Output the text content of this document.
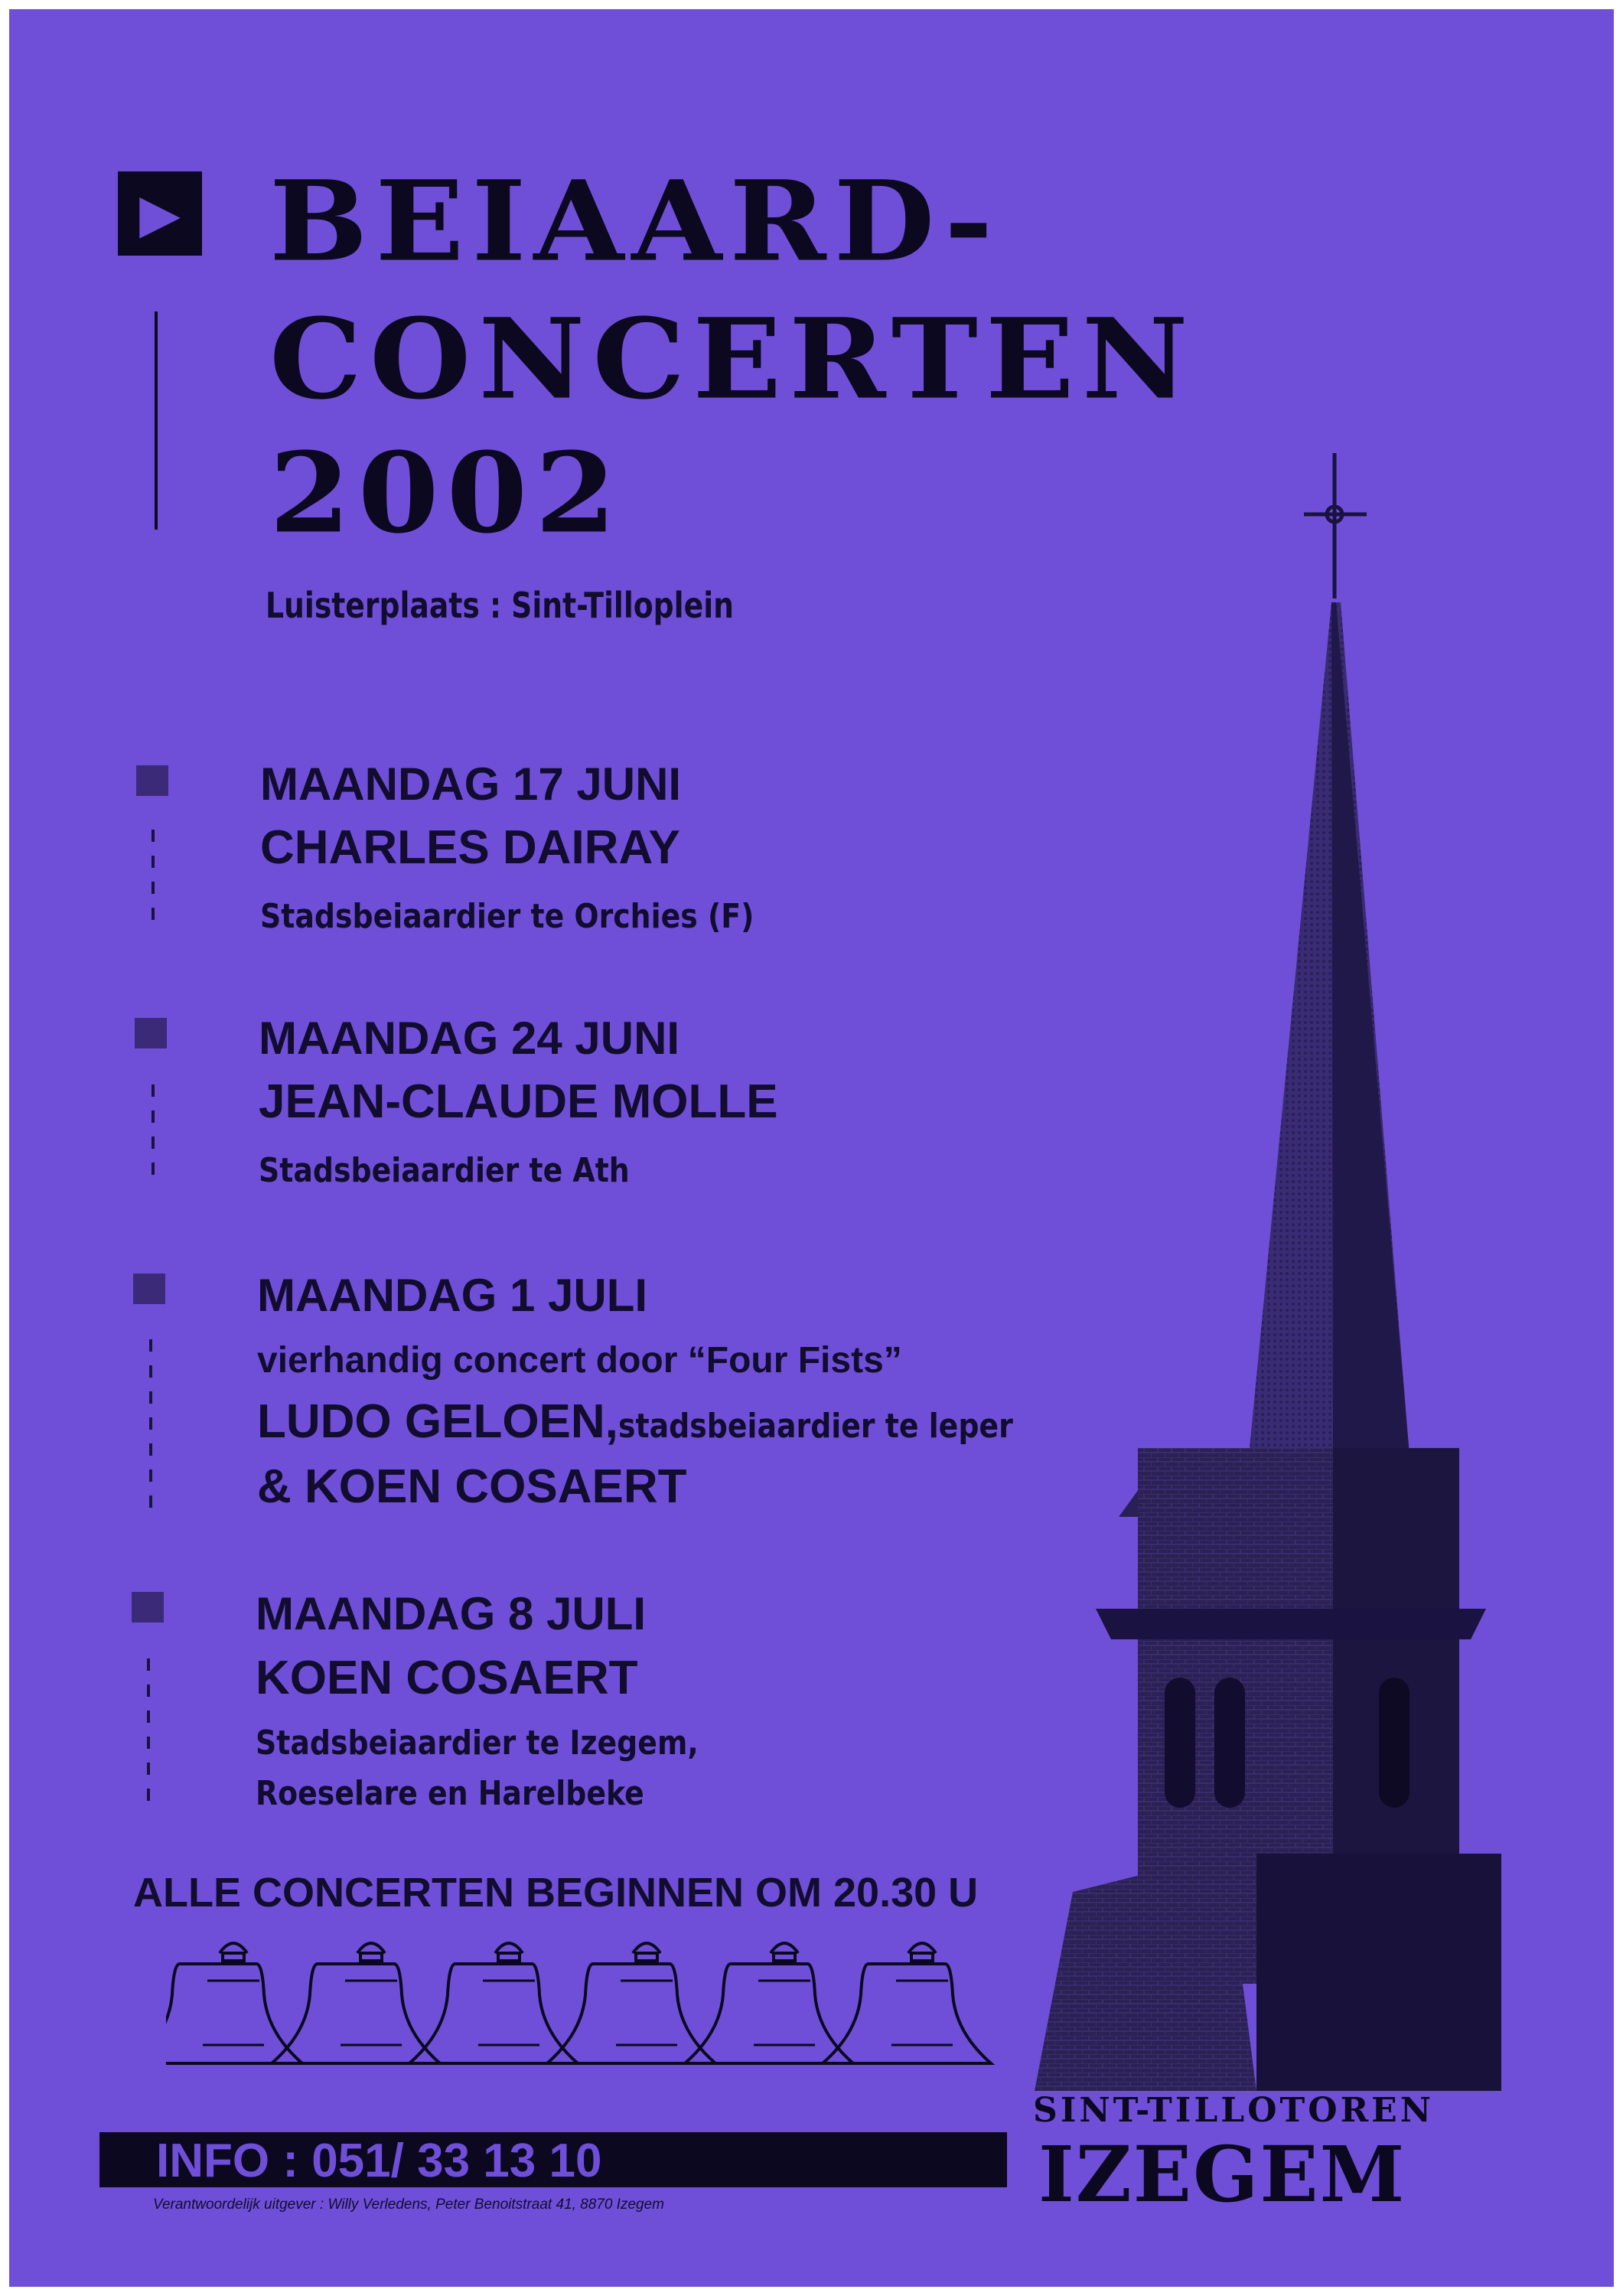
▶ BEIAARD-
CONCERTEN
2002
Luisterplaats : Sint-Tilloplein
MAANDAG 17 JUNI
CHARLES DAIRAY
Stadsbeiaardier te Orchies (F)
MAANDAG 24 JUNI
JEAN-CLAUDE MOLLE
Stadsbeiaardier te Ath
MAANDAG 1 JULI
vierhandig concert door “Four Fists”
LUDO GELOEN,stadsbeiaardier te leper
& KOEN COSAERT
MAANDAG 8 JULI
KOEN COSAERT
Stadsbeiaardier te Izegem,
Roeselare en Harelbeke
ALLE CONCERTEN BEGINNEN OM 20.30 U
INFO : 051/ 33 13 10
Verantwoordelijk uitgever : Willy Verledens, Peter Benoitstraat 41, 8870 Izegem
SINT-TILLOTOREN
IZEGEM
